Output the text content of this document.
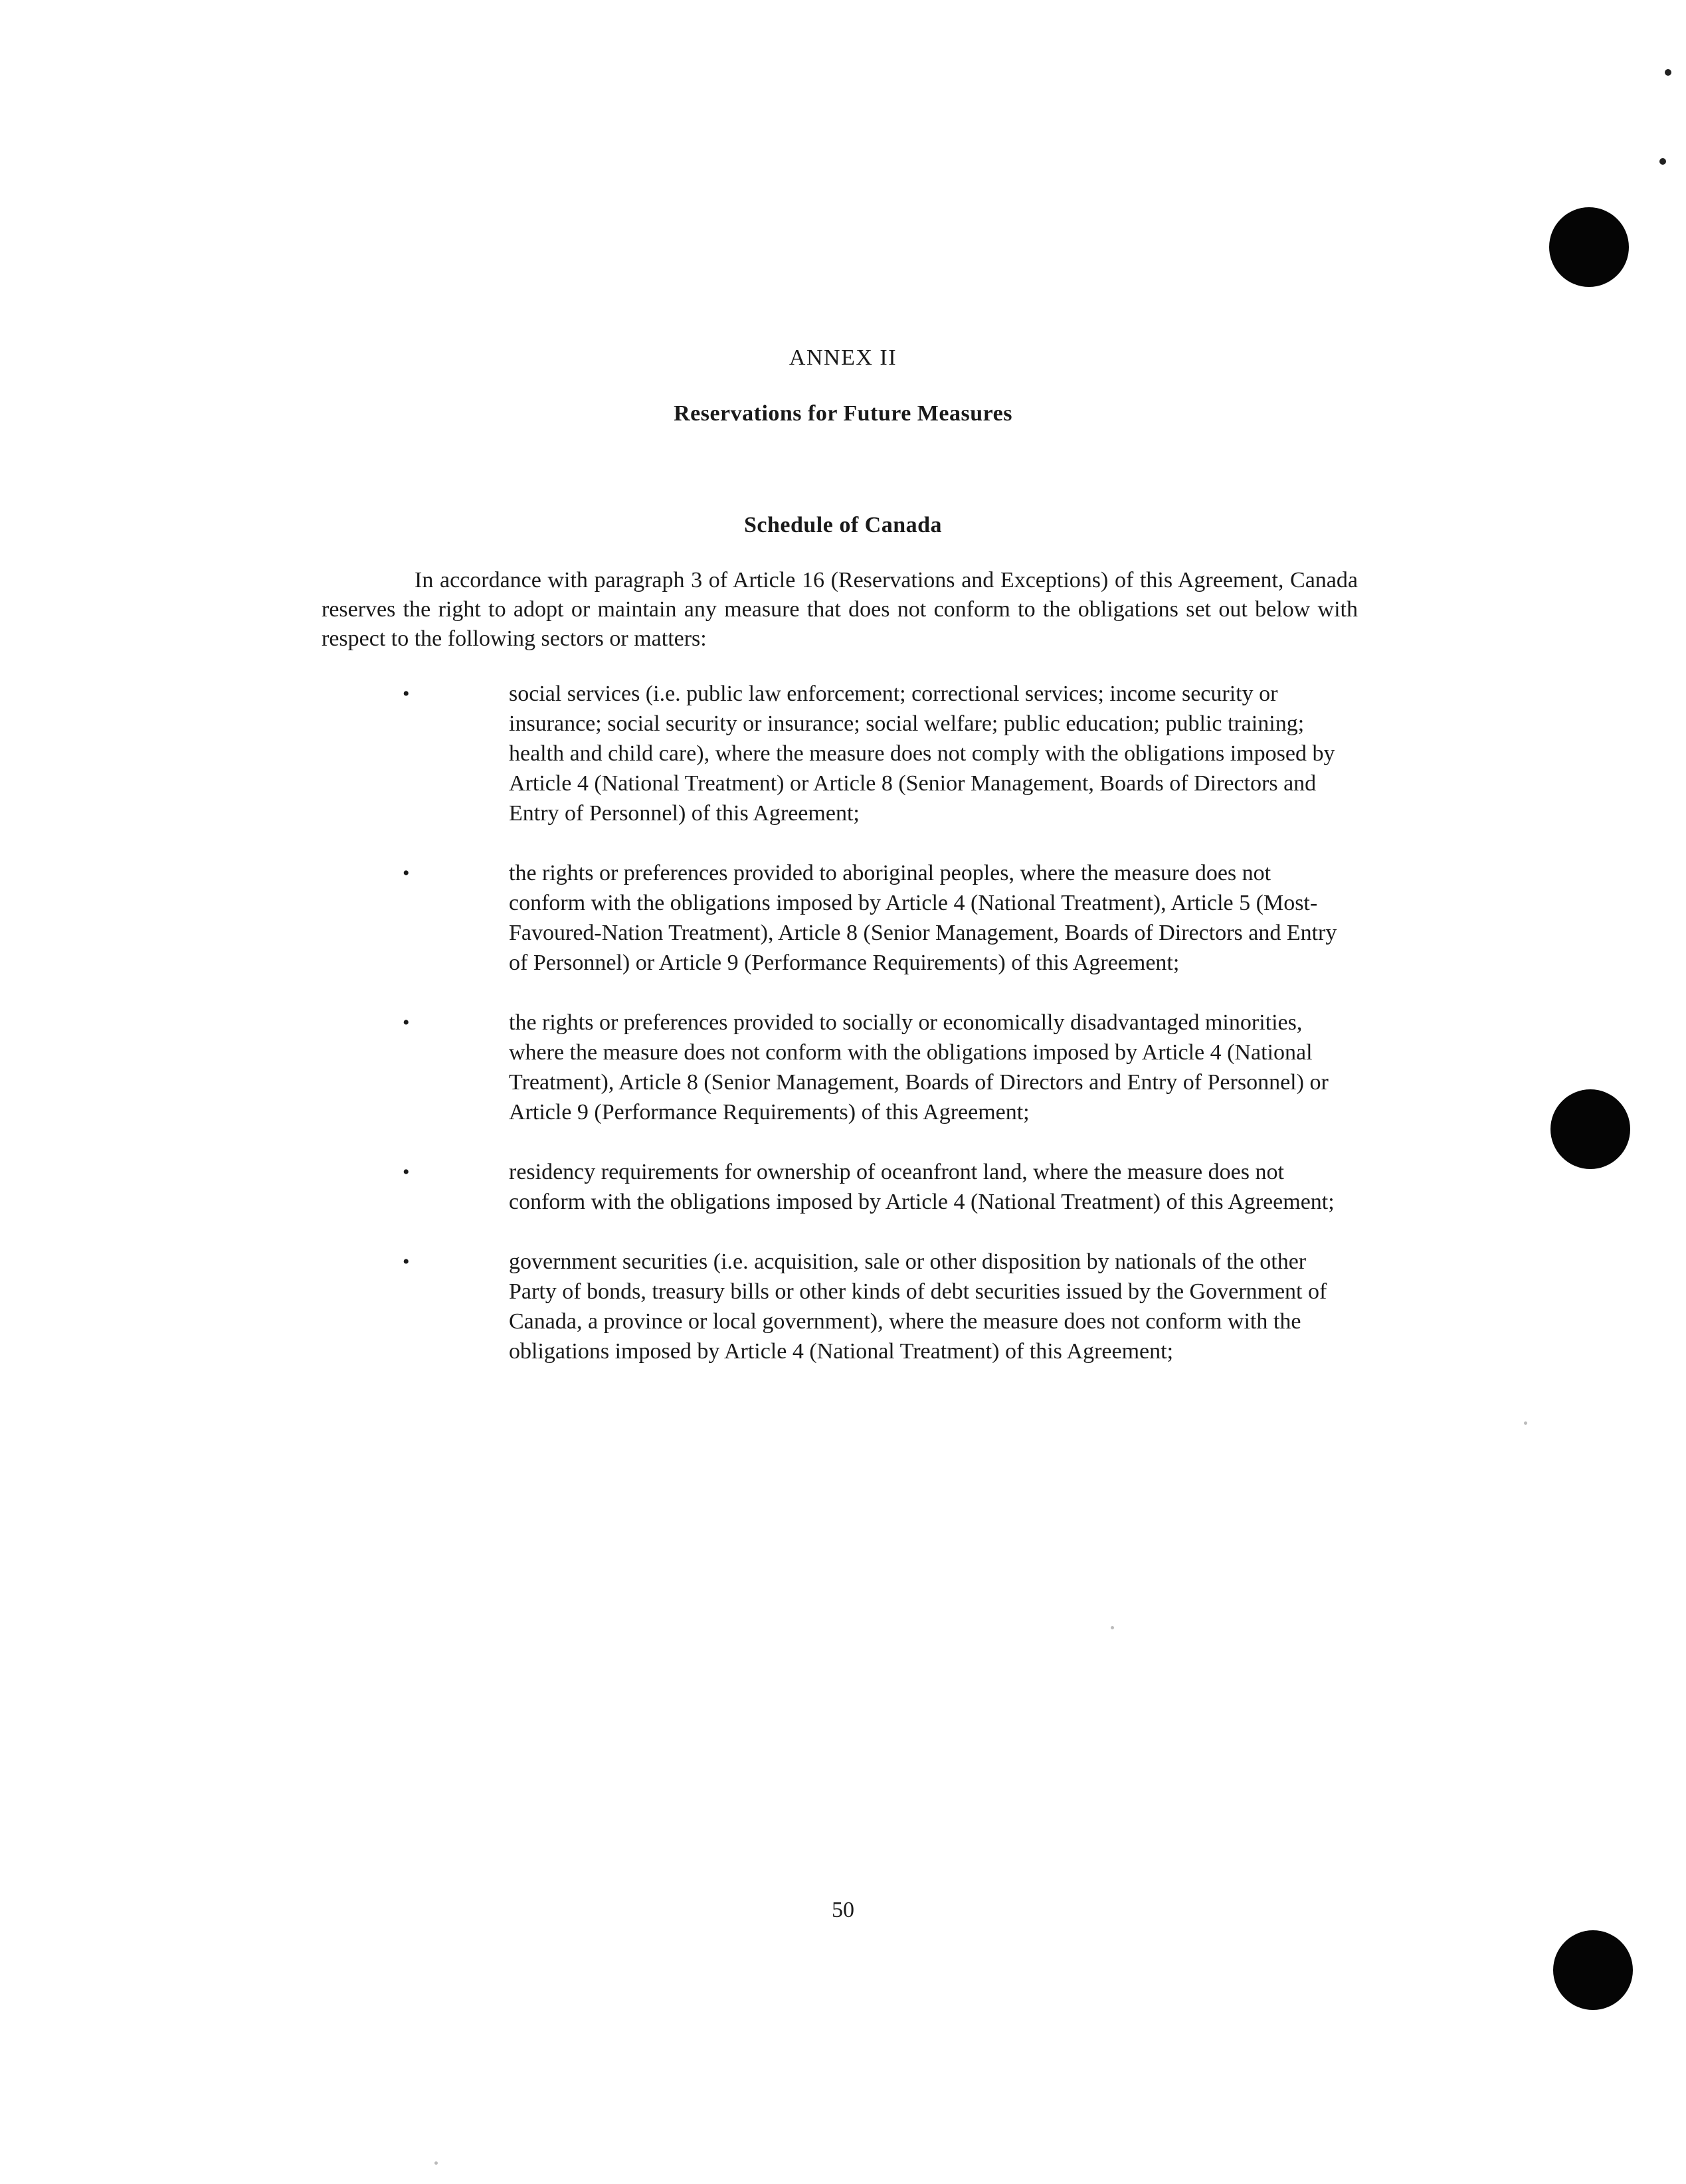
ANNEX II
Reservations for Future Measures
Schedule of Canada

In accordance with paragraph 3 of Article 16 (Reservations and Exceptions) of this Agreement, Canada reserves the right to adopt or maintain any measure that does not conform to the obligations set out below with respect to the following sectors or matters:

•	social services (i.e. public law enforcement; correctional services; income security or insurance; social security or insurance; social welfare; public education; public training; health and child care), where the measure does not comply with the obligations imposed by Article 4 (National Treatment) or Article 8 (Senior Management, Boards of Directors and Entry of Personnel) of this Agreement;
•	the rights or preferences provided to aboriginal peoples, where the measure does not conform with the obligations imposed by Article 4 (National Treatment), Article 5 (Most-Favoured-Nation Treatment), Article 8 (Senior Management, Boards of Directors and Entry of Personnel) or Article 9 (Performance Requirements) of this Agreement;
•	the rights or preferences provided to socially or economically disadvantaged minorities, where the measure does not conform with the obligations imposed by Article 4 (National Treatment), Article 8 (Senior Management, Boards of Directors and Entry of Personnel) or Article 9 (Performance Requirements) of this Agreement;
•	residency requirements for ownership of oceanfront land, where the measure does not conform with the obligations imposed by Article 4 (National Treatment) of this Agreement;
•	government securities (i.e. acquisition, sale or other disposition by nationals of the other Party of bonds, treasury bills or other kinds of debt securities issued by the Government of Canada, a province or local government), where the measure does not conform with the obligations imposed by Article 4 (National Treatment) of this Agreement;
50
